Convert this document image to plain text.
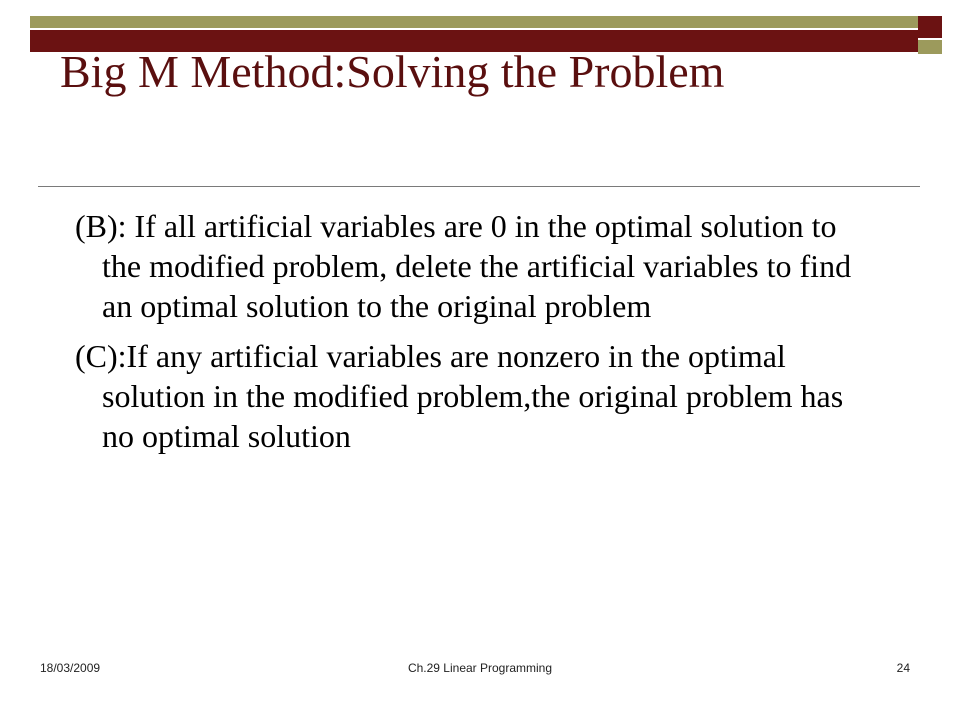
Big M Method:Solving the Problem

(B): If all artificial variables are 0 in the optimal solution to the modified problem, delete the artificial variables to find an optimal solution to the original problem

(C):If any artificial variables are nonzero in the optimal solution in the modified problem,the original problem has no optimal solution

18/03/2009	Ch.29 Linear Programming	24
